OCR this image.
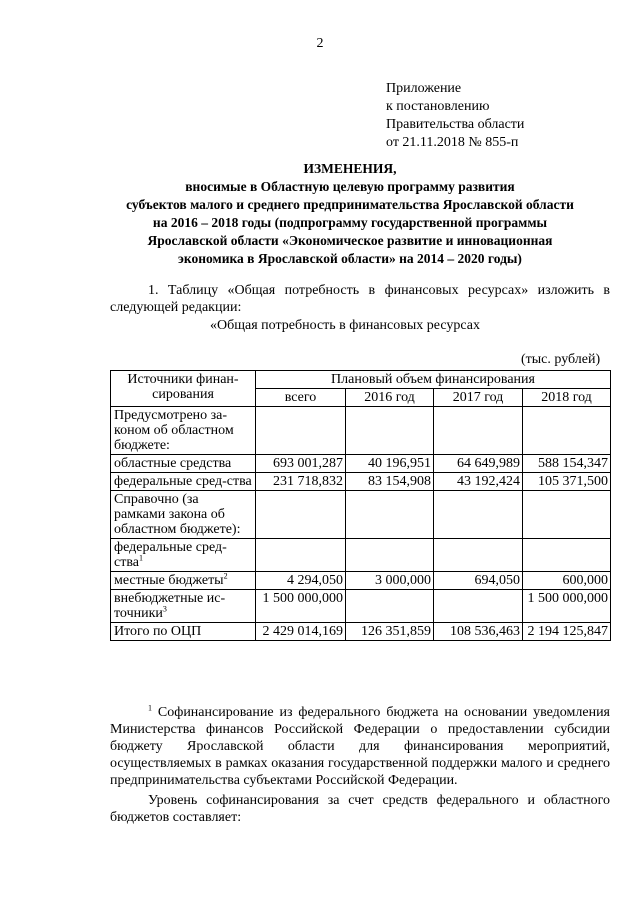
2
Приложение
к постановлению
Правительства области
от 21.11.2018 № 855-п
ИЗМЕНЕНИЯ,
вносимые в Областную целевую программу развития
субъектов малого и среднего предпринимательства Ярославской области
на 2016 – 2018 годы (подпрограмму государственной программы
Ярославской области «Экономическое развитие и инновационная
экономика в Ярославской области» на 2014 – 2020 годы)

1. Таблицу «Общая потребность в финансовых ресурсах» изложить в следующей редакции:

«Общая потребность в финансовых ресурсах
(тыс. рублей)
Источники финан-сирования	Плановый объем финансирования			
	всего	2016 год	2017 год	2018 год
Предусмотрено за-коном об областном бюджете:				
областные средства	693 001,287	40 196,951	64 649,989	588 154,347
федеральные сред-ства	231 718,832	83 154,908	43 192,424	105 371,500
Справочно (за рамками закона об областном бюджете):				
федеральные сред-ства$^1$				
местные бюджеты$^2$	4 294,050	3 000,000	694,050	600,000
внебюджетные ис-точники$^3$	1 500 000,000			1 500 000,000
Итого по ОЦП	2 429 014,169	126 351,859	108 536,463	2 194 125,847

$^1$ Софинансирование из федерального бюджета на основании уведомления Министерства финансов Российской Федерации о предоставлении субсидии бюджету Ярославской области для финансирования мероприятий, осуществляемых в рамках оказания государственной поддержки малого и среднего предпринимательства субъектами Российской Федерации.

Уровень софинансирования за счет средств федерального и областного бюджетов составляет:
